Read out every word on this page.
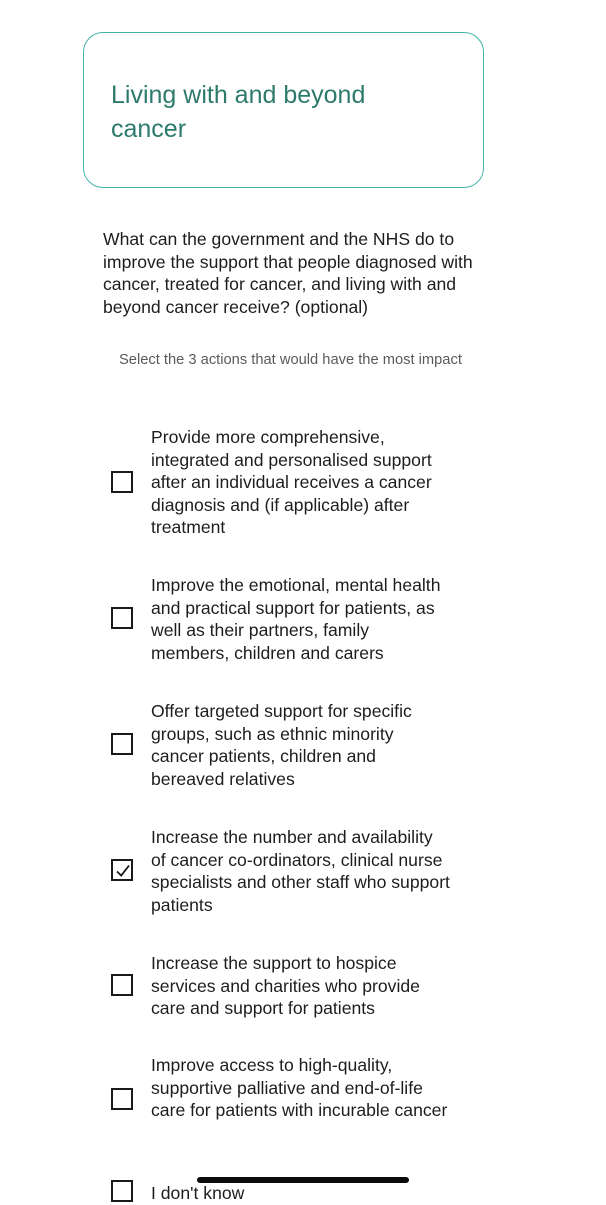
Living with and beyond cancer

What can the government and the NHS do to improve the support that people diagnosed with cancer, treated for cancer, and living with and beyond cancer receive? (optional)

Select the 3 actions that would have the most impact

Provide more comprehensive, integrated and personalised support after an individual receives a cancer diagnosis and (if applicable) after treatment
Improve the emotional, mental health and practical support for patients, as well as their partners, family members, children and carers
Offer targeted support for specific groups, such as ethnic minority cancer patients, children and bereaved relatives
Increase the number and availability of cancer co-ordinators, clinical nurse specialists and other staff who support patients
Increase the support to hospice services and charities who provide care and support for patients
Improve access to high-quality, supportive palliative and end-of-life care for patients with incurable cancer
I don't know
